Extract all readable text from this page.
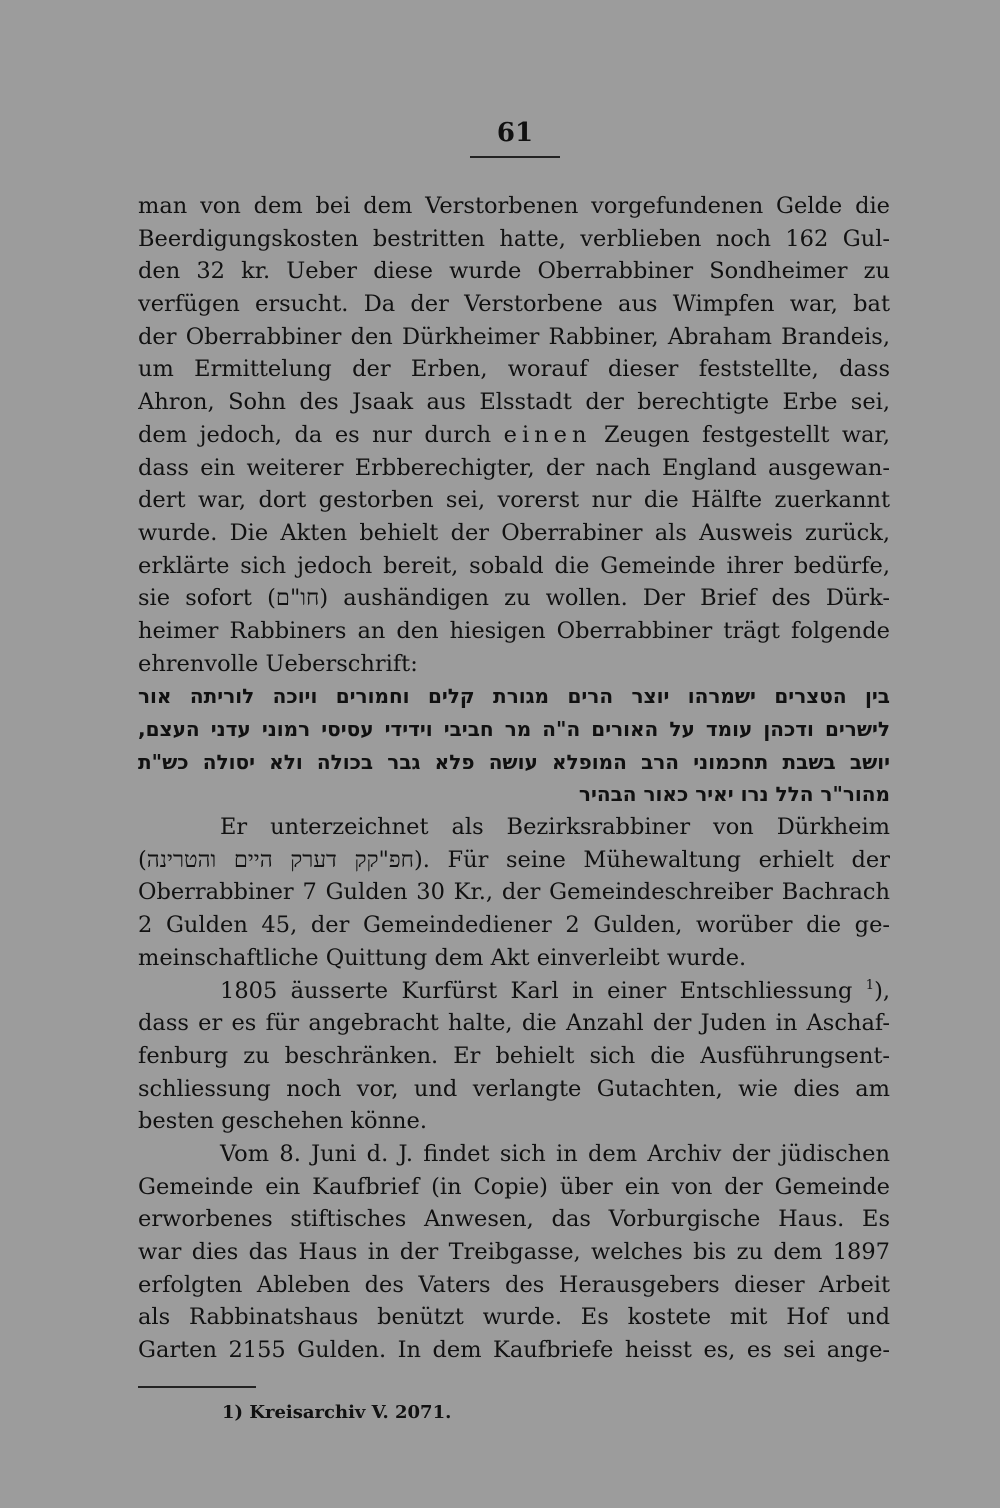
61
man von dem bei dem Verstorbenen vorgefundenen Gelde die
Beerdigungskosten bestritten hatte, verblieben noch 162 Gul-
den 32 kr. Ueber diese wurde Oberrabbiner Sondheimer zu
verfügen ersucht. Da der Verstorbene aus Wimpfen war, bat
der Oberrabbiner den Dürkheimer Rabbiner, Abraham Brandeis,
um Ermittelung der Erben, worauf dieser feststellte, dass
Ahron, Sohn des Jsaak aus Elsstadt der berechtigte Erbe sei,
dem jedoch, da es nur durch einen Zeugen festgestellt war,
dass ein weiterer Erbberechigter, der nach England ausgewan-
dert war, dort gestorben sei, vorerst nur die Hälfte zuerkannt
wurde. Die Akten behielt der Oberrabiner als Ausweis zurück,
erklärte sich jedoch bereit, sobald die Gemeinde ihrer bedürfe,
sie sofort (חו"ם) aushändigen zu wollen. Der Brief des Dürk-
heimer Rabbiners an den hiesigen Oberrabbiner trägt folgende
ehrenvolle Ueberschrift:
בין הטצרים ישמרהו יוצר הרים מגורת קלים וחמורים ויוכה לוריתה אור
לישרים ודכהן עומד על האורים ה"ה מר חביבי וידידי עסיסי רמוני עדני העצם,
יושב בשבת תחכמוני הרב המופלא עושה פלא גבר בכולה ולא יסולה כש"ת
מהור"ר הלל נרו יאיר כאור הבהיר
Er unterzeichnet als Bezirksrabbiner von Dürkheim
(חפ"קק דערק היים והטרינה). Für seine Mühewaltung erhielt der
Oberrabbiner 7 Gulden 30 Kr., der Gemeindeschreiber Bachrach
2 Gulden 45, der Gemeindediener 2 Gulden, worüber die ge-
meinschaftliche Quittung dem Akt einverleibt wurde.
1805 äusserte Kurfürst Karl in einer Entschliessung $^1$),
dass er es für angebracht halte, die Anzahl der Juden in Aschaf-
fenburg zu beschränken. Er behielt sich die Ausführungsent-
schliessung noch vor, und verlangte Gutachten, wie dies am
besten geschehen könne.
Vom 8. Juni d. J. findet sich in dem Archiv der jüdischen
Gemeinde ein Kaufbrief (in Copie) über ein von der Gemeinde
erworbenes stiftisches Anwesen, das Vorburgische Haus. Es
war dies das Haus in der Treibgasse, welches bis zu dem 1897
erfolgten Ableben des Vaters des Herausgebers dieser Arbeit
als Rabbinatshaus benützt wurde. Es kostete mit Hof und
Garten 2155 Gulden. In dem Kaufbriefe heisst es, es sei ange-
1) Kreisarchiv V. 2071.
